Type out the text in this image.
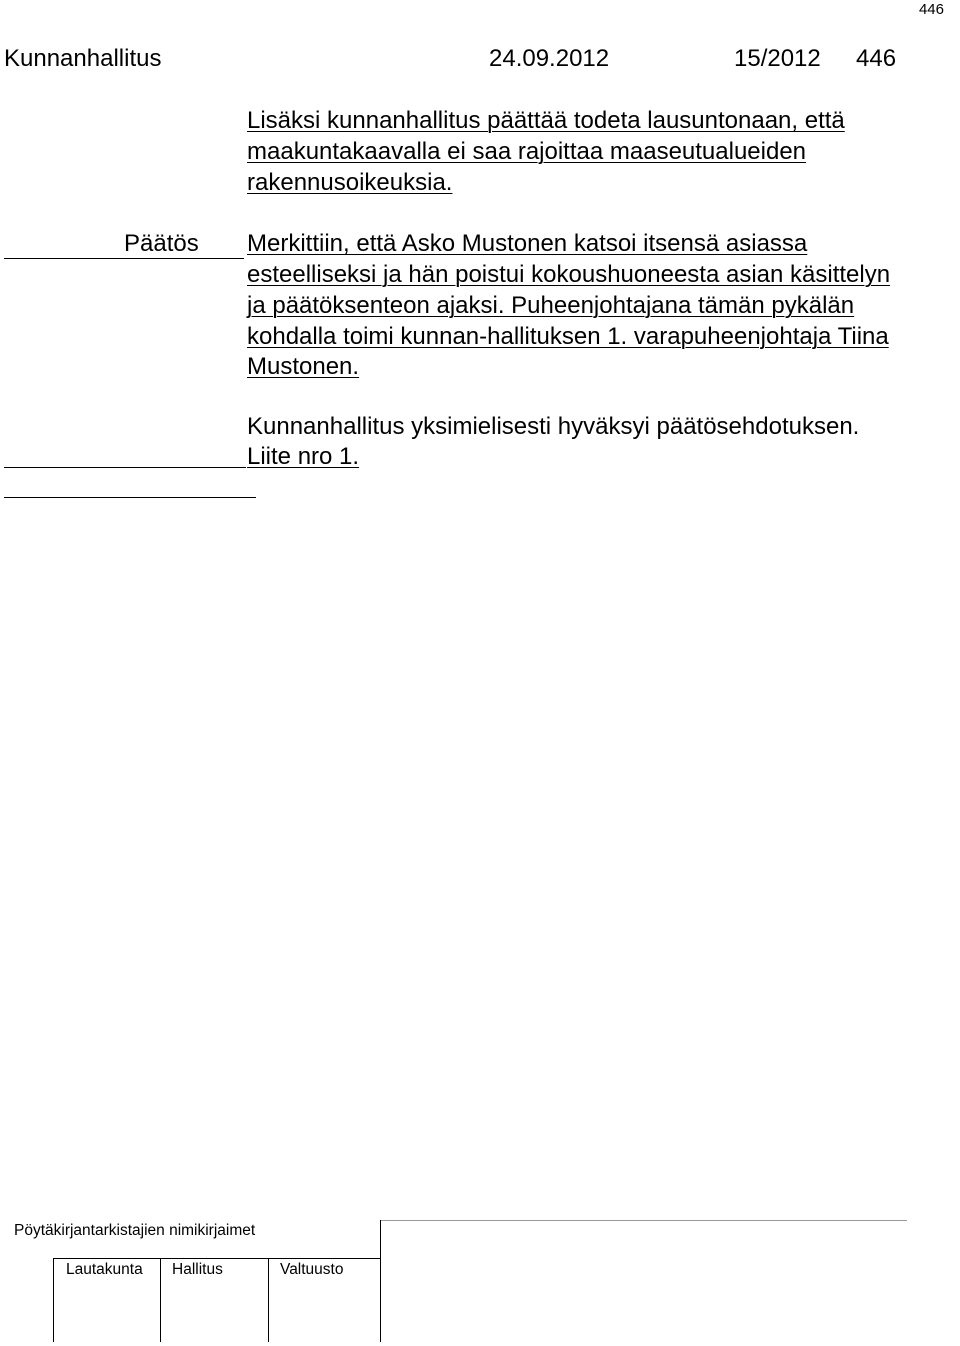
446
Kunnanhallitus	24.09.2012	15/2012 446
Lisäksi kunnanhallitus päättää todeta lausuntonaan, että
maakuntakaavalla ei saa rajoittaa maaseutualueiden
rakennusoikeuksia.
Päätös Merkittiin, että Asko Mustonen katsoi itsensä asiassa
esteelliseksi ja hän poistui kokoushuoneesta asian käsittelyn
ja päätöksenteon ajaksi. Puheenjohtajana tämän pykälän
kohdalla toimi kunnan-hallituksen 1. varapuheenjohtaja Tiina
Mustonen.
Kunnanhallitus yksimielisesti hyväksyi päätösehdotuksen.
Liite nro 1.
Pöytäkirjantarkistajien nimikirjaimet
Lautakunta Hallitus	Valtuusto
